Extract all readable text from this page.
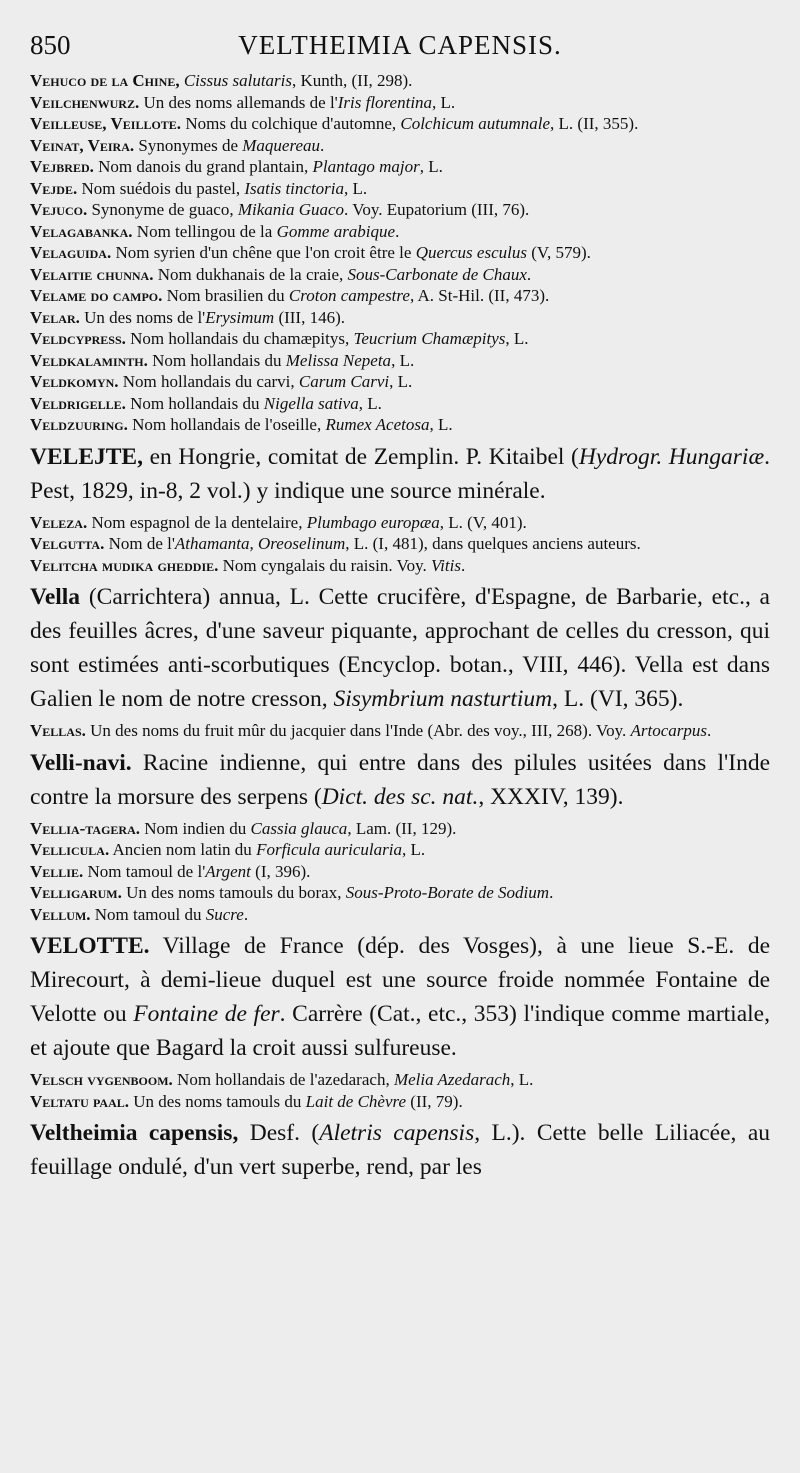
850	VELTHEIMIA CAPENSIS.

Vehuco de la Chine, Cissus salutaris, Kunth, (II, 298).

Veilchenwurz. Un des noms allemands de l'Iris florentina, L.

Veilleuse, Veillote. Noms du colchique d'automne, Colchicum autumnale, L. (II, 355).

Veinat, Veira. Synonymes de Maquereau.

Vejbred. Nom danois du grand plantain, Plantago major, L.

Vejde. Nom suédois du pastel, Isatis tinctoria, L.

Vejuco. Synonyme de guaco, Mikania Guaco. Voy. Eupatorium (III, 76).

Velagabanka. Nom tellingou de la Gomme arabique.

Velaguida. Nom syrien d'un chêne que l'on croit être le Quercus esculus (V, 579).

Velaitie chunna. Nom dukhanais de la craie, Sous-Carbonate de Chaux.

Velame do campo. Nom brasilien du Croton campestre, A. St-Hil. (II, 473).

Velar. Un des noms de l'Erysimum (III, 146).

Veldcypress. Nom hollandais du chamæpitys, Teucrium Chamæpitys, L.

Veldkalaminth. Nom hollandais du Melissa Nepeta, L.

Veldkomyn. Nom hollandais du carvi, Carum Carvi, L.

Veldrigelle. Nom hollandais du Nigella sativa, L.

Veldzuuring. Nom hollandais de l'oseille, Rumex Acetosa, L.

VELEJTE, en Hongrie, comitat de Zemplin. P. Kitaibel (Hydrogr. Hungariæ. Pest, 1829, in-8, 2 vol.) y indique une source minérale.

Veleza. Nom espagnol de la dentelaire, Plumbago europæa, L. (V, 401).

Velgutta. Nom de l'Athamanta, Oreoselinum, L. (I, 481), dans quelques anciens auteurs.

Velitcha mudika gheddie. Nom cyngalais du raisin. Voy. Vitis.

Vella (Carrichtera) annua, L. Cette crucifère, d'Espagne, de Barbarie, etc., a des feuilles âcres, d'une saveur piquante, approchant de celles du cresson, qui sont estimées anti-scorbutiques (Encyclop. botan., VIII, 446). Vella est dans Galien le nom de notre cresson, Sisymbrium nasturtium, L. (VI, 365).

Vellas. Un des noms du fruit mûr du jacquier dans l'Inde (Abr. des voy., III, 268). Voy. Artocarpus.

Velli-navi. Racine indienne, qui entre dans des pilules usitées dans l'Inde contre la morsure des serpens (Dict. des sc. nat., XXXIV, 139).

Vellia-tagera. Nom indien du Cassia glauca, Lam. (II, 129).

Vellicula. Ancien nom latin du Forficula auricularia, L.

Vellie. Nom tamoul de l'Argent (I, 396).

Velligarum. Un des noms tamouls du borax, Sous-Proto-Borate de Sodium.

Vellum. Nom tamoul du Sucre.

VELOTTE. Village de France (dép. des Vosges), à une lieue S.-E. de Mirecourt, à demi-lieue duquel est une source froide nommée Fontaine de Velotte ou Fontaine de fer. Carrère (Cat., etc., 353) l'indique comme martiale, et ajoute que Bagard la croit aussi sulfureuse.

Velsch vygenboom. Nom hollandais de l'azedarach, Melia Azedarach, L.

Veltatu paal. Un des noms tamouls du Lait de Chèvre (II, 79).

Veltheimia capensis, Desf. (Aletris capensis, L.). Cette belle Liliacée, au feuillage ondulé, d'un vert superbe, rend, par les
